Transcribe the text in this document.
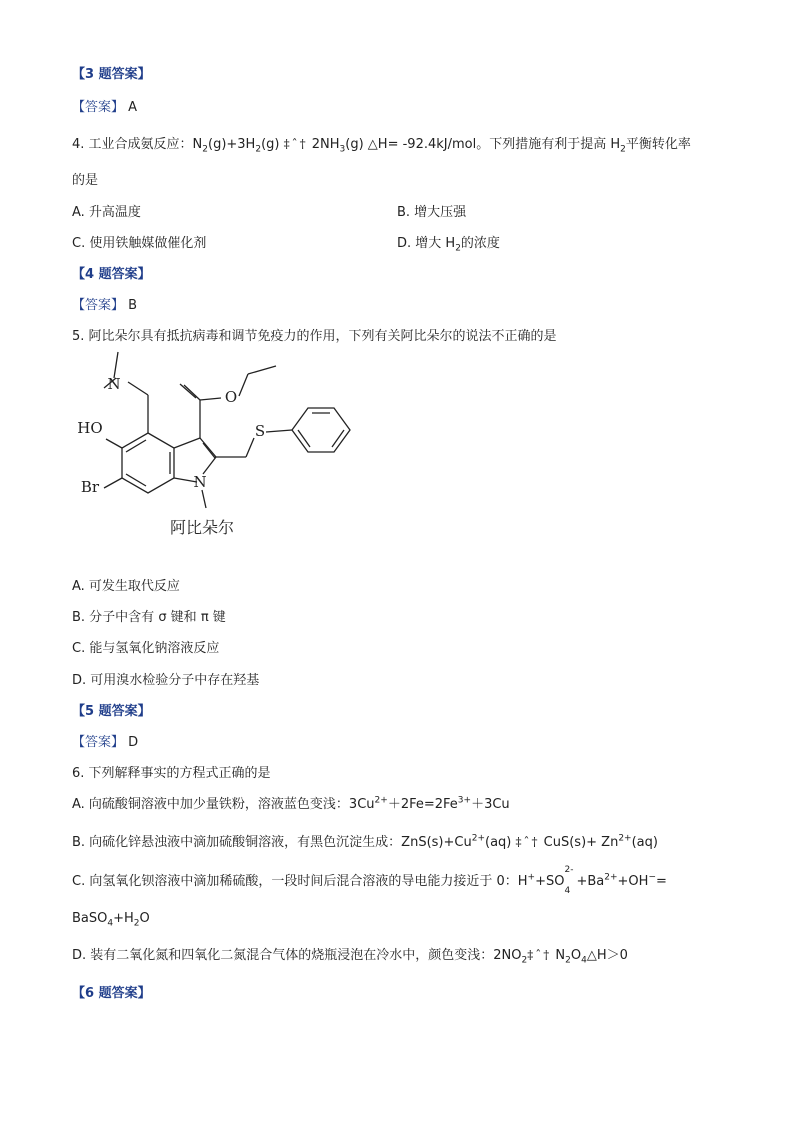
【3 题答案】
【答案】 A
4. 工业合成氨反应：$N_2(g)+3H_2(g)$ ‡ˆ† $2NH_3(g)$ △H= -92.4kJ/mol。下列措施有利于提高 $H_2$平衡转化率
的是
A. 升高温度	B. 增大压强
C. 使用铁触媒做催化剂	D. 增大 $H_2$的浓度
【4 题答案】
【答案】 B
5. 阿比朵尔具有抵抗病毒和调节免疫力的作用，下列有关阿比朵尔的说法不正确的是
N
O
HO	S
Br	N
阿比朵尔
A. 可发生取代反应
B. 分子中含有 σ 键和 π 键
C. 能与氢氧化钠溶液反应
D. 可用溴水检验分子中存在羟基
【5 题答案】
【答案】 D
6. 下列解释事实的方程式正确的是
A. 向硫酸铜溶液中加少量铁粉，溶液蓝色变浅：$3Cu^{2+}+2Fe=2Fe^{3+}+3Cu$
B. 向硫化锌悬浊液中滴加硫酸铜溶液，有黑色沉淀生成：$ZnS(s)+Cu^{2+}(aq)$ ‡ˆ† $CuS(s)+ Zn^{2+}(aq)$
C. 向氢氧化钡溶液中滴加稀硫酸，一段时间后混合溶液的导电能力接近于 0：H++SO
2-
4
$+Ba^{2+}+OH^-=$
$BaSO_4+H_2O$
D. 装有二氧化氮和四氧化二氮混合气体的烧瓶浸泡在冷水中，颜色变浅：$2NO_2\ddagger ˆ\dagger$ $N_2O_4\triangle H>0$
【6 题答案】
